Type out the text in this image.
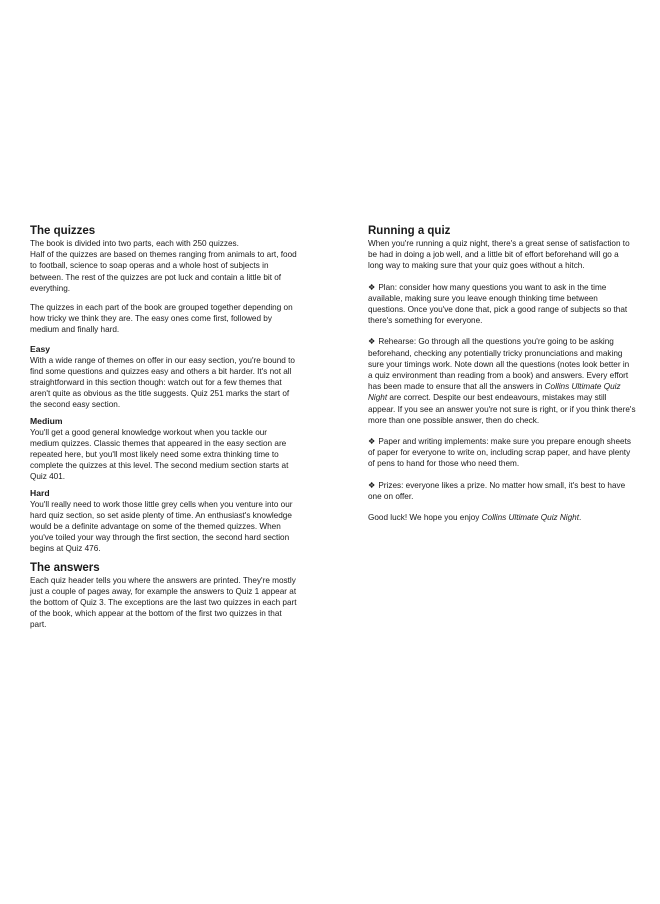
The quizzes

The book is divided into two parts, each with 250 quizzes.

Half of the quizzes are based on themes ranging from animals to art, food to football, science to soap operas and a whole host of subjects in between. The rest of the quizzes are pot luck and contain a little bit of everything.

The quizzes in each part of the book are grouped together depending on how tricky we think they are. The easy ones come first, followed by medium and finally hard.

Easy

With a wide range of themes on offer in our easy section, you're bound to find some questions and quizzes easy and others a bit harder. It's not all straightforward in this section though: watch out for a few themes that aren't quite as obvious as the title suggests. Quiz 251 marks the start of the second easy section.

Medium

You'll get a good general knowledge workout when you tackle our medium quizzes. Classic themes that appeared in the easy section are repeated here, but you'll most likely need some extra thinking time to complete the quizzes at this level. The second medium section starts at Quiz 401.

Hard

You'll really need to work those little grey cells when you venture into our hard quiz section, so set aside plenty of time. An enthusiast's knowledge would be a definite advantage on some of the themed quizzes. When you've toiled your way through the first section, the second hard section begins at Quiz 476.

The answers

Each quiz header tells you where the answers are printed. They're mostly just a couple of pages away, for example the answers to Quiz 1 appear at the bottom of Quiz 3. The exceptions are the last two quizzes in each part of the book, which appear at the bottom of the first two quizzes in that part.

Running a quiz

When you're running a quiz night, there's a great sense of satisfaction to be had in doing a job well, and a little bit of effort beforehand will go a long way to making sure that your quiz goes without a hitch.

❖ Plan: consider how many questions you want to ask in the time available, making sure you leave enough thinking time between questions. Once you've done that, pick a good range of subjects so that there's something for everyone.

❖ Rehearse: Go through all the questions you're going to be asking beforehand, checking any potentially tricky pronunciations and making sure your timings work. Note down all the questions (notes look better in a quiz environment than reading from a book) and answers. Every effort has been made to ensure that all the answers in Collins Ultimate Quiz Night are correct. Despite our best endeavours, mistakes may still appear. If you see an answer you're not sure is right, or if you think there's more than one possible answer, then do check.

❖ Paper and writing implements: make sure you prepare enough sheets of paper for everyone to write on, including scrap paper, and have plenty of pens to hand for those who need them.

❖ Prizes: everyone likes a prize. No matter how small, it's best to have one on offer.

Good luck! We hope you enjoy Collins Ultimate Quiz Night.
